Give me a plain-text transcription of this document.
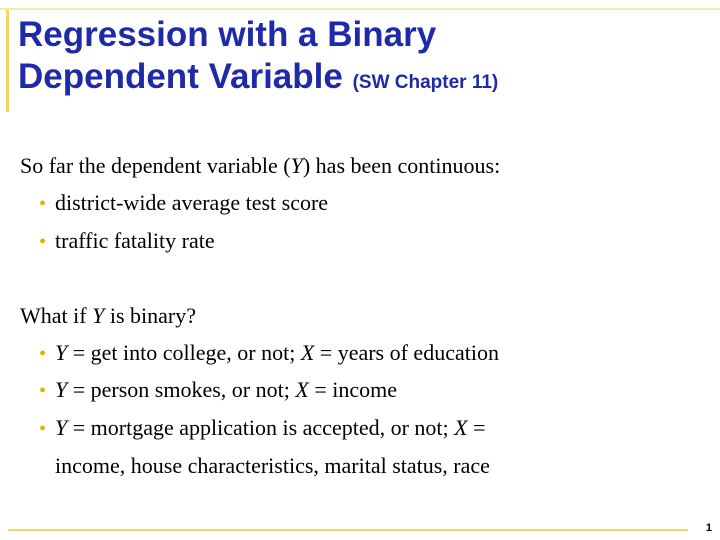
Regression with a Binary
Dependent Variable (SW Chapter 11)
So far the dependent variable (Y) has been continuous:
• district-wide average test score
• traffic fatality rate
What if Y is binary?
• Y = get into college, or not; X = years of education
• Y = person smokes, or not; X = income
• Y = mortgage application is accepted, or not; X =
income, house characteristics, marital status, race
1
